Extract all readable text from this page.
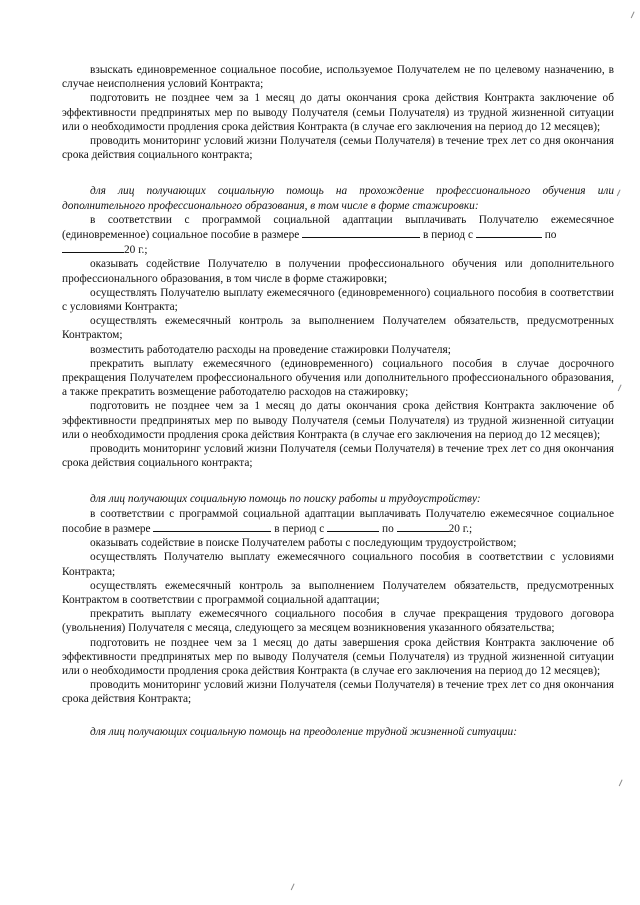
взыскать единовременное социальное пособие, используемое Получателем не по целевому назначению, в случае неисполнения условий Контракта;

подготовить не позднее чем за 1 месяц до даты окончания срока действия Контракта заключение об эффективности предпринятых мер по выводу Получателя (семьи Получателя) из трудной жизненной ситуации или о необходимости продления срока действия Контракта (в случае его заключения на период до 12 месяцев);

проводить мониторинг условий жизни Получателя (семьи Получателя) в течение трех лет со дня окончания срока действия социального контракта;

для лиц получающих социальную помощь на прохождение профессионального обучения или дополнительного профессионального образования, в том числе в форме стажировки:

в соответствии с программой социальной адаптации выплачивать Получателю ежемесячное (единовременное) социальное пособие в размере	в период с	по
20 г.;

оказывать содействие Получателю в получении профессионального обучения или дополнительного профессионального образования, в том числе в форме стажировки;

осуществлять Получателю выплату ежемесячного (единовременного) социального пособия в соответствии с условиями Контракта;

осуществлять ежемесячный контроль за выполнением Получателем обязательств, предусмотренных Контрактом;

возместить работодателю расходы на проведение стажировки Получателя;

прекратить выплату ежемесячного (единовременного) социального пособия в случае досрочного прекращения Получателем профессионального обучения или дополнительного профессионального образования, а также прекратить возмещение работодателю расходов на стажировку;

подготовить не позднее чем за 1 месяц до даты окончания срока действия Контракта заключение об эффективности предпринятых мер по выводу Получателя (семьи Получателя) из трудной жизненной ситуации или о необходимости продления срока действия Контракта (в случае его заключения на период до 12 месяцев);

проводить мониторинг условий жизни Получателя (семьи Получателя) в течение трех лет со дня окончания срока действия социального контракта;

для лиц получающих социальную помощь по поиску работы и трудоустройству:

в соответствии с программой социальной адаптации выплачивать Получателю ежемесячное социальное пособие в размере	в период с	по	20 г.;

оказывать содействие в поиске Получателем работы с последующим трудоустройством;

осуществлять Получателю выплату ежемесячного социального пособия в соответствии с условиями Контракта;

осуществлять ежемесячный контроль за выполнением Получателем обязательств, предусмотренных Контрактом в соответствии с программой социальной адаптации;

прекратить выплату ежемесячного социального пособия в случае прекращения трудового договора (увольнения) Получателя с месяца, следующего за месяцем возникновения указанного обязательства;

подготовить не позднее чем за 1 месяц до даты завершения срока действия Контракта заключение об эффективности предпринятых мер по выводу Получателя (семьи Получателя) из трудной жизненной ситуации или о необходимости продления срока действия Контракта (в случае его заключения на период до 12 месяцев);

проводить мониторинг условий жизни Получателя (семьи Получателя) в течение трех лет со дня окончания срока действия Контракта;

для лиц получающих социальную помощь на преодоление трудной жизненной ситуации:
